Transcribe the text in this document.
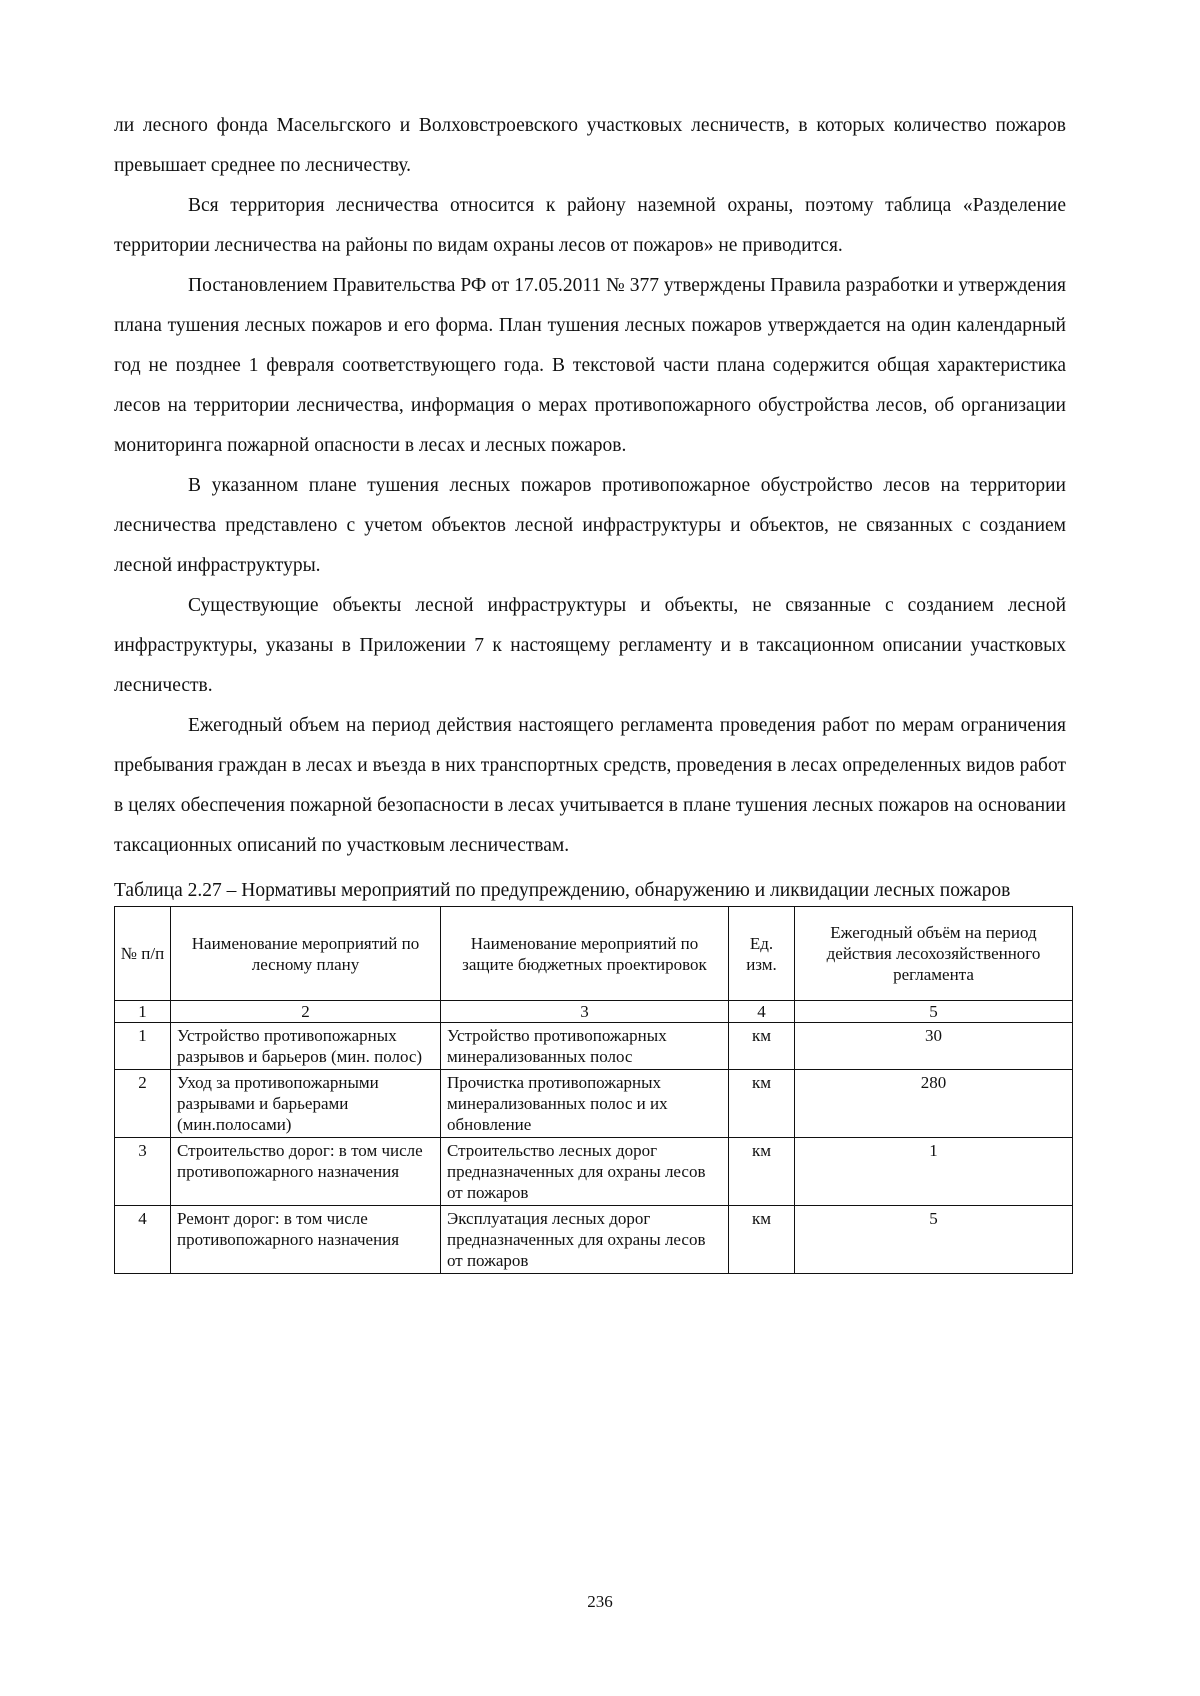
ли лесного фонда Масельгского и Волховстроевского участковых лесничеств, в которых количество пожаров превышает среднее по лесничеству.

Вся территория лесничества относится к району наземной охраны, поэтому таблица «Разделение территории лесничества на районы по видам охраны лесов от пожаров» не приводится.

Постановлением Правительства РФ от 17.05.2011 № 377 утверждены Правила разработки и утверждения плана тушения лесных пожаров и его форма. План тушения лесных пожаров утверждается на один календарный год не позднее 1 февраля соответствующего года. В текстовой части плана содержится общая характеристика лесов на территории лесничества, информация о мерах противопожарного обустройства лесов, об организации мониторинга пожарной опасности в лесах и лесных пожаров.

В указанном плане тушения лесных пожаров противопожарное обустройство лесов на территории лесничества представлено с учетом объектов лесной инфраструктуры и объектов, не связанных с созданием лесной инфраструктуры.

Существующие объекты лесной инфраструктуры и объекты, не связанные с созданием лесной инфраструктуры, указаны в Приложении 7 к настоящему регламенту и в таксационном описании участковых лесничеств.

Ежегодный объем на период действия настоящего регламента проведения работ по мерам ограничения пребывания граждан в лесах и въезда в них транспортных средств, проведения в лесах определенных видов работ в целях обеспечения пожарной безопасности в лесах учитывается в плане тушения лесных пожаров на основании таксационных описаний по участковым лесничествам.

Таблица 2.27 – Нормативы мероприятий по предупреждению, обнаружению и ликвидации лесных пожаров

№ п/п	Наименование мероприятий по лесному плану	Наименование мероприятий по защите бюджетных проектировок	Ед. изм.	Ежегодный объём на период действия лесохозяйственного регламента
1	2	3	4	5
1	Устройство противопожарных разрывов и барьеров (мин. полос)	Устройство противопожарных минерализованных полос	км	30
2	Уход за противопожарными разрывами и барьерами (мин.полосами)	Прочистка противопожарных минерализованных полос и их обновление	км	280
3	Строительство дорог: в том числе противопожарного назначения	Строительство лесных дорог предназначенных для охраны лесов от пожаров	км	1
4	Ремонт дорог: в том числе противопожарного назначения	Эксплуатация лесных дорог предназначенных для охраны лесов от пожаров	км	5
236
